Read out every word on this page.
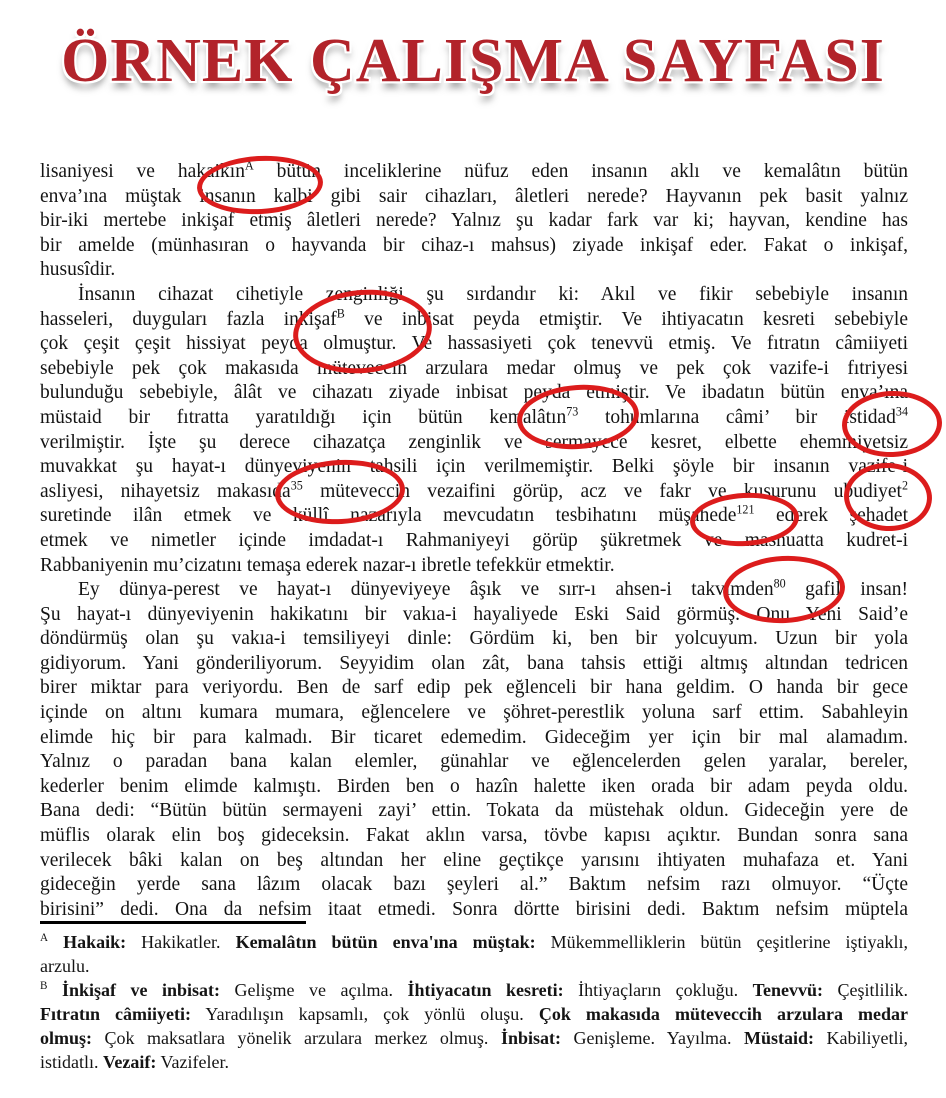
ÖRNEK ÇALIŞMA SAYFASI
lisaniyesi ve hakaikın$^A$ bütün inceliklerine nüfuz eden insanın aklı ve kemalâtın bütün
enva’ına müştak insanın kalbi gibi sair cihazları, âletleri nerede? Hayvanın pek basit yalnız
bir-iki mertebe inkişaf etmiş âletleri nerede? Yalnız şu kadar fark var ki; hayvan, kendine has
bir amelde (münhasıran o hayvanda bir cihaz-ı mahsus) ziyade inkişaf eder. Fakat o inkişaf,
hususîdir.
İnsanın cihazat cihetiyle zenginliği şu sırdandır ki: Akıl ve fikir sebebiyle insanın
hasseleri, duyguları fazla inkişaf$^B$ ve inbisat peyda etmiştir. Ve ihtiyacatın kesreti sebebiyle
çok çeşit çeşit hissiyat peyda olmuştur. Ve hassasiyeti çok tenevvü etmiş. Ve fıtratın câmiiyeti
sebebiyle pek çok makasıda müteveccih arzulara medar olmuş ve pek çok vazife-i fıtriyesi
bulunduğu sebebiyle, âlât ve cihazatı ziyade inbisat peyda etmiştir. Ve ibadatın bütün enva’ına
müstaid bir fıtratta yaratıldığı için bütün kemalâtın$^{73}$ tohumlarına câmi’ bir istidad$^{34}$
verilmiştir. İşte şu derece cihazatça zenginlik ve sermayece kesret, elbette ehemmiyetsiz
muvakkat şu hayat-ı dünyeviyenin tahsili için verilmemiştir. Belki şöyle bir insanın vazife-i
asliyesi, nihayetsiz makasıda$^{35}$ müteveccih vezaifini görüp, acz ve fakr ve kusurunu ubudiyet$^2$
suretinde ilân etmek ve küllî nazarıyla mevcudatın tesbihatını müşahede$^{121}$ ederek şehadet
etmek ve nimetler içinde imdadat-ı Rahmaniyeyi görüp şükretmek ve masnuatta kudret-i
Rabbaniyenin mu’cizatını temaşa ederek nazar-ı ibretle tefekkür etmektir.
Ey dünya-perest ve hayat-ı dünyeviyeye âşık ve sırr-ı ahsen-i takvimden$^{80}$ gafil insan!
Şu hayat-ı dünyeviyenin hakikatını bir vakıa-i hayaliyede Eski Said görmüş. Onu Yeni Said’e
döndürmüş olan şu vakıa-i temsiliyeyi dinle: Gördüm ki, ben bir yolcuyum. Uzun bir yola
gidiyorum. Yani gönderiliyorum. Seyyidim olan zât, bana tahsis ettiği altmış altından tedricen
birer miktar para veriyordu. Ben de sarf edip pek eğlenceli bir hana geldim. O handa bir gece
içinde on altını kumara mumara, eğlencelere ve şöhret-perestlik yoluna sarf ettim. Sabahleyin
elimde hiç bir para kalmadı. Bir ticaret edemedim. Gideceğim yer için bir mal alamadım.
Yalnız o paradan bana kalan elemler, günahlar ve eğlencelerden gelen yaralar, bereler,
kederler benim elimde kalmıştı. Birden ben o hazîn halette iken orada bir adam peyda oldu.
Bana dedi: “Bütün bütün sermayeni zayi’ ettin. Tokata da müstehak oldun. Gideceğin yere de
müflis olarak elin boş gideceksin. Fakat aklın varsa, tövbe kapısı açıktır. Bundan sonra sana
verilecek bâki kalan on beş altından her eline geçtikçe yarısını ihtiyaten muhafaza et. Yani
gideceğin yerde sana lâzım olacak bazı şeyleri al.” Baktım nefsim razı olmuyor. “Üçte
birisini” dedi. Ona da nefsim itaat etmedi. Sonra dörtte birisini dedi. Baktım nefsim müptela
$^A$ Hakaik: Hakikatler. Kemalâtın bütün enva'ına müştak: Mükemmelliklerin bütün çeşitlerine iştiyaklı,
arzulu.
$^B$ İnkişaf ve inbisat: Gelişme ve açılma. İhtiyacatın kesreti: İhtiyaçların çokluğu. Tenevvü: Çeşitlilik.
Fıtratın câmiiyeti: Yaradılışın kapsamlı, çok yönlü oluşu. Çok makasıda müteveccih arzulara medar
olmuş: Çok maksatlara yönelik arzulara merkez olmuş. İnbisat: Genişleme. Yayılma. Müstaid: Kabiliyetli,
istidatlı. Vezaif: Vazifeler.
